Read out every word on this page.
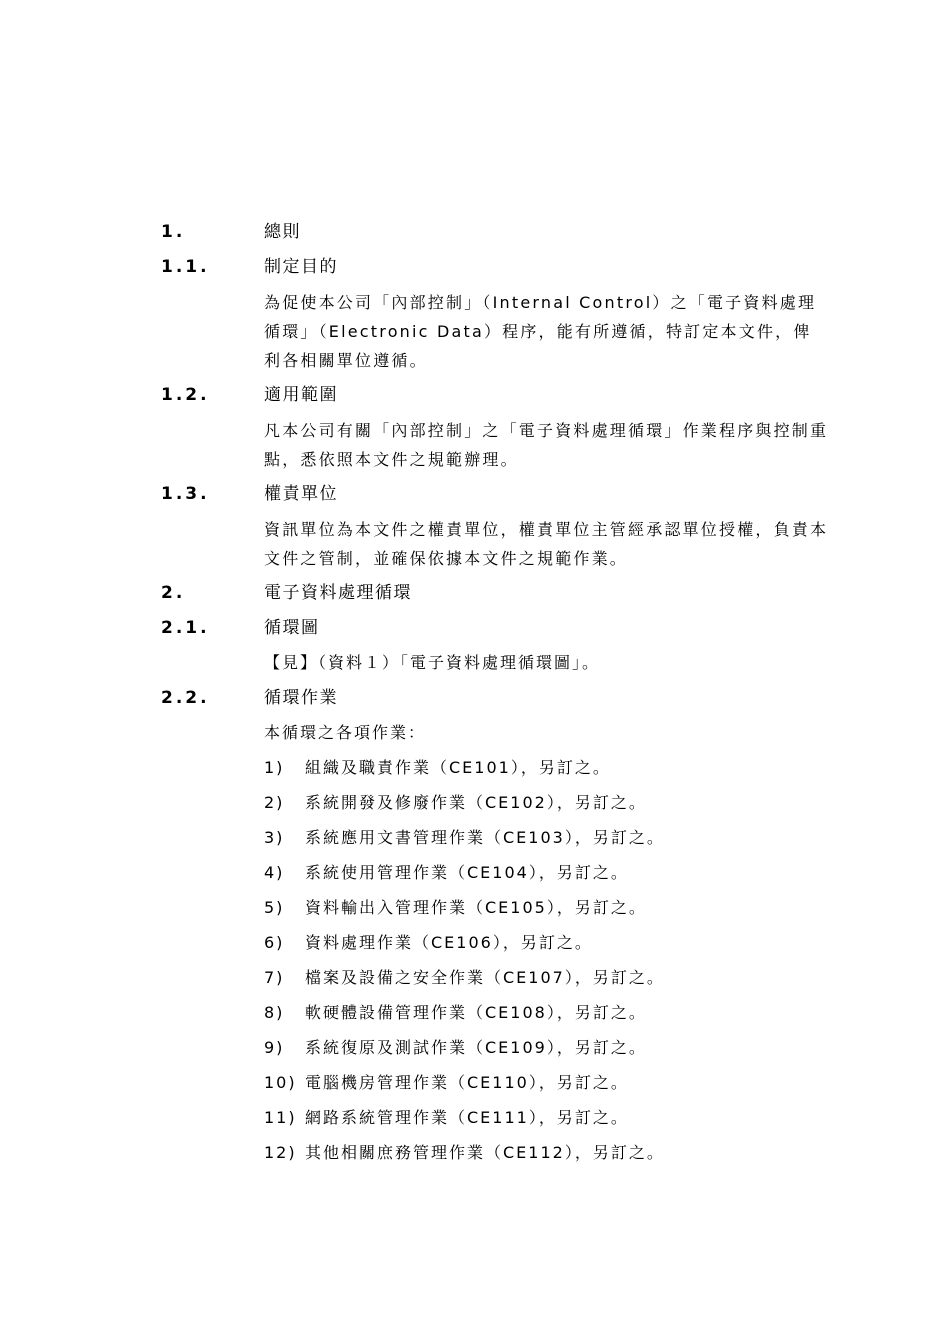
1.	總則
1.1.	制定目的
為促使本公司「內部控制」（Internal Control）之「電子資料處理
循環」（Electronic Data）程序，能有所遵循，特訂定本文件，俾
利各相關單位遵循。
1.2.	適用範圍
凡本公司有關「內部控制」之「電子資料處理循環」作業程序與控制重
點，悉依照本文件之規範辦理。
1.3.	權責單位
資訊單位為本文件之權責單位，權責單位主管經承認單位授權，負責本
文件之管制，並確保依據本文件之規範作業。
2.	電子資料處理循環
2.1.	循環圖
【見】（資料１）「電子資料處理循環圖」。
2.2.	循環作業
本循環之各項作業：
1) 組織及職責作業（CE101），另訂之。
2) 系統開發及修廢作業（CE102），另訂之。
3) 系統應用文書管理作業（CE103），另訂之。
4) 系統使用管理作業（CE104），另訂之。
5) 資料輸出入管理作業（CE105），另訂之。
6) 資料處理作業（CE106），另訂之。
7) 檔案及設備之安全作業（CE107），另訂之。
8) 軟硬體設備管理作業（CE108），另訂之。
9) 系統復原及測試作業（CE109），另訂之。
10) 電腦機房管理作業（CE110），另訂之。
11) 網路系統管理作業（CE111），另訂之。
12) 其他相關庶務管理作業（CE112），另訂之。
